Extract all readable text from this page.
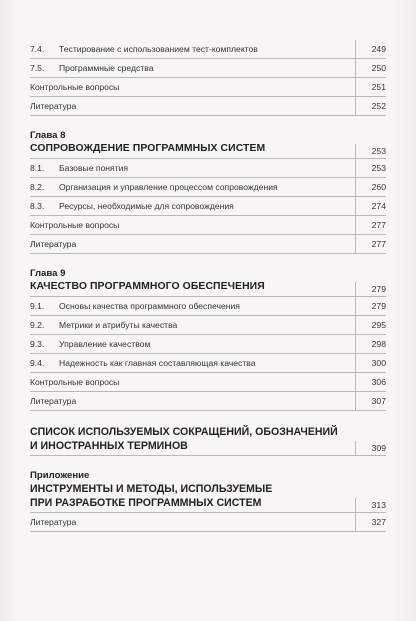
7.4. Тестирование с использованием тест-комплектов	249
7.5. Программные средства	250
Контрольные вопросы	251
Литература	252
Глава 8
СОПРОВОЖДЕНИЕ ПРОГРАММНЫХ СИСТЕМ	253
8.1. Базовые понятия	253
8.2. Организация и управление процессом сопровождения	260
8.3. Ресурсы, необходимые для сопровождения	274
Контрольные вопросы	277
Литература	277
Глава 9
КАЧЕСТВО ПРОГРАММНОГО ОБЕСПЕЧЕНИЯ	279
9.1. Основы качества программного обеспечения	279
9.2. Метрики и атрибуты качества	295
9.3. Управление качеством	298
9.4. Надежность как главная составляющая качества	300
Контрольные вопросы	306
Литература	307
СПИСОК ИСПОЛЬЗУЕМЫХ СОКРАЩЕНИЙ, ОБОЗНАЧЕНИЙ
И ИНОСТРАННЫХ ТЕРМИНОВ	309
Приложение
ИНСТРУМЕНТЫ И МЕТОДЫ, ИСПОЛЬЗУЕМЫЕ
ПРИ РАЗРАБОТКЕ ПРОГРАММНЫХ СИСТЕМ	313
Литература	327
